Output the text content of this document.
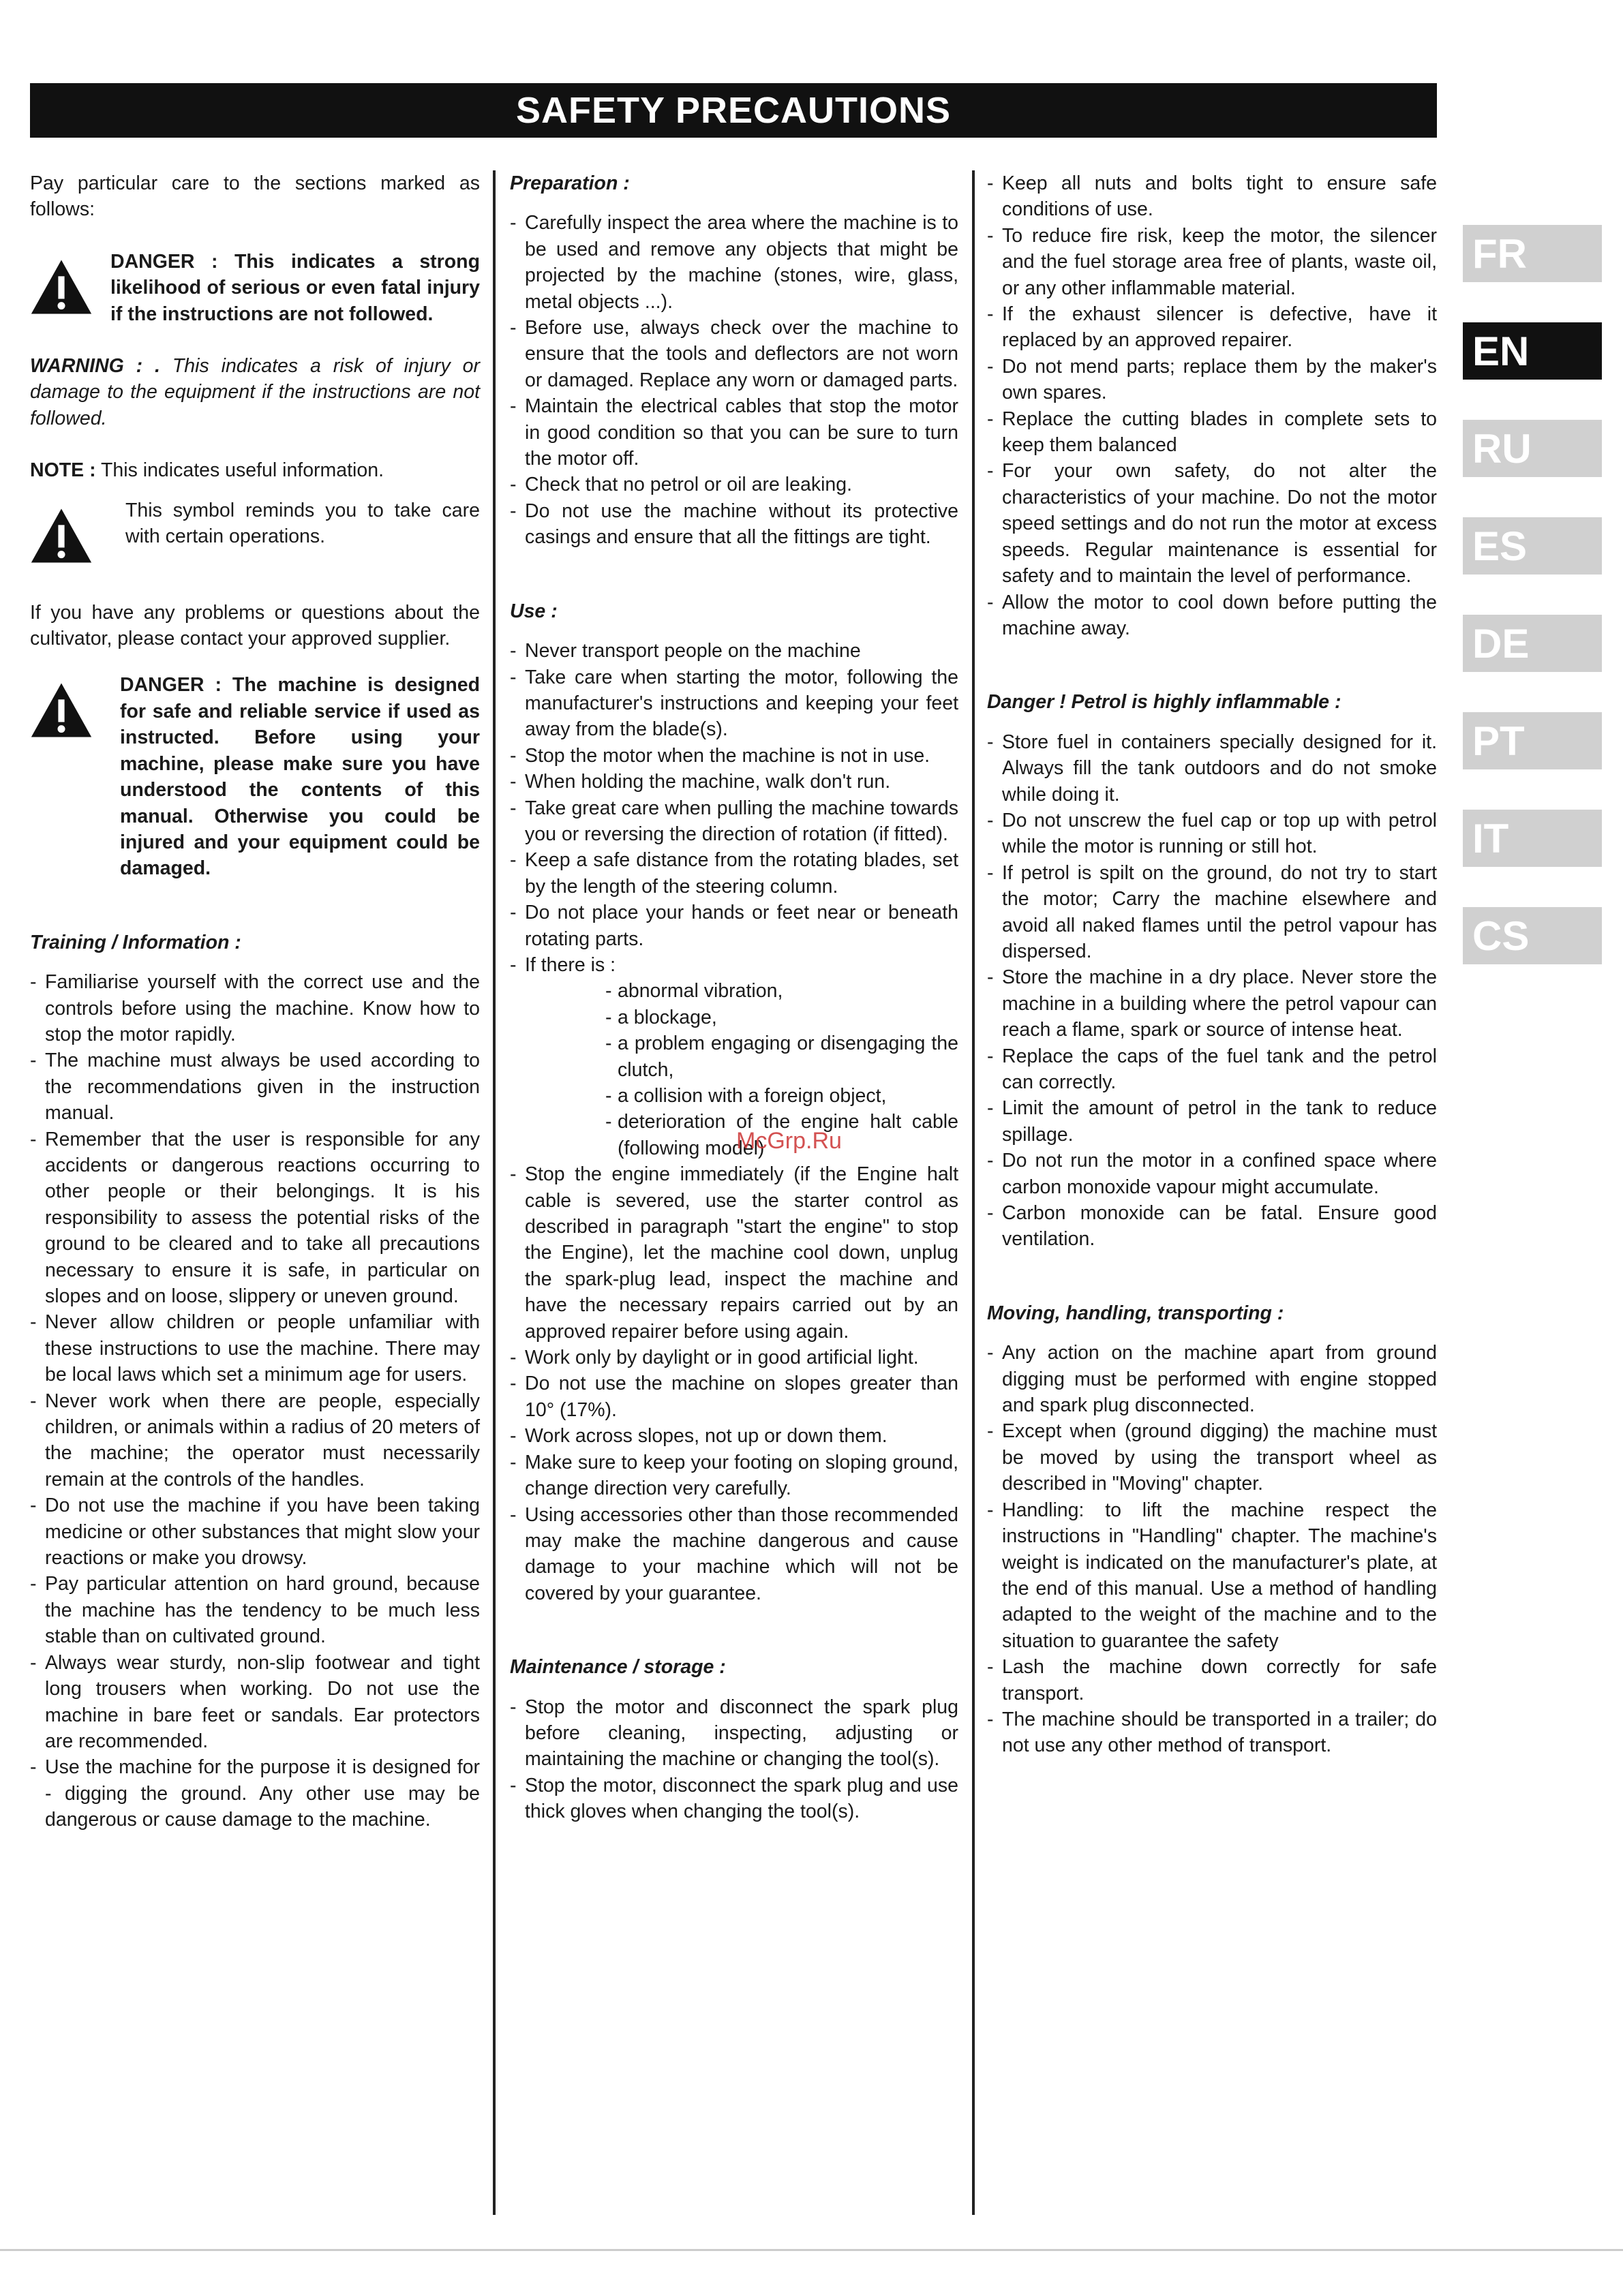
SAFETY PRECAUTIONS

Pay particular care to the sections marked as follows:

DANGER : This indicates a strong likelihood of serious or even fatal injury if the instructions are not followed.

WARNING : . This indicates a risk of injury or damage to the equipment if the instructions are not followed.

NOTE : This indicates useful information.

This symbol reminds you to take care with certain operations.

If you have any problems or questions about the cultivator, please contact your approved supplier.

DANGER : The machine is designed for safe and reliable service if used as instructed. Before using your machine, please make sure you have understood the contents of this manual. Otherwise you could be injured and your equipment could be damaged.

Training / Information :

- Familiarise yourself with the correct use and the controls before using the machine. Know how to stop the motor rapidly.
- The machine must always be used according to the recommendations given in the instruction manual.
- Remember that the user is responsible for any accidents or dangerous reactions occurring to other people or their belongings. It is his responsibility to assess the potential risks of the ground to be cleared and to take all precautions necessary to ensure it is safe, in particular on slopes and on loose, slippery or uneven ground.
- Never allow children or people unfamiliar with these instructions to use the machine. There may be local laws which set a minimum age for users.
- Never work when there are people, especially children, or animals within a radius of 20 meters of the machine; the operator must necessarily remain at the controls of the handles.
- Do not use the machine if you have been taking medicine or other substances that might slow your reactions or make you drowsy.
- Pay particular attention on hard ground, because the machine has the tendency to be much less stable than on cultivated ground.
- Always wear sturdy, non-slip footwear and tight long trousers when working. Do not use the machine in bare feet or sandals. Ear protectors are recommended.
- Use the machine for the purpose it is designed for - digging the ground. Any other use may be dangerous or cause damage to the machine.

Preparation :

- Carefully inspect the area where the machine is to be used and remove any objects that might be projected by the machine (stones, wire, glass, metal objects ...).
- Before use, always check over the machine to ensure that the tools and deflectors are not worn or damaged. Replace any worn or damaged parts.
- Maintain the electrical cables that stop the motor in good condition so that you can be sure to turn the motor off.
- Check that no petrol or oil are leaking.
- Do not use the machine without its protective casings and ensure that all the fittings are tight.

Use :

- Never transport people on the machine
- Take care when starting the motor, following the manufacturer's instructions and keeping your feet away from the blade(s).
- Stop the motor when the machine is not in use.
- When holding the machine, walk don't run.
- Take great care when pulling the machine towards you or reversing the direction of rotation (if fitted).
- Keep a safe distance from the rotating blades, set by the length of the steering column.
- Do not place your hands or feet near or beneath rotating parts.
- If there is :
- abnormal vibration,
- a blockage,
- a problem engaging or disengaging the clutch,
- a collision with a foreign object,
- deterioration of the engine halt cable (following model)
- Stop the engine immediately (if the Engine halt cable is severed, use the starter control as described in paragraph "start the engine" to stop the Engine), let the machine cool down, unplug the spark-plug lead, inspect the machine and have the necessary repairs carried out by an approved repairer before using again.
- Work only by daylight or in good artificial light.
- Do not use the machine on slopes greater than 10° (17%).
- Work across slopes, not up or down them.
- Make sure to keep your footing on sloping ground, change direction very carefully.
- Using accessories other than those recommended may make the machine dangerous and cause damage to your machine which will not be covered by your guarantee.

Maintenance / storage :

- Stop the motor and disconnect the spark plug before cleaning, inspecting, adjusting or maintaining the machine or changing the tool(s).
- Stop the motor, disconnect the spark plug and use thick gloves when changing the tool(s).
- Keep all nuts and bolts tight to ensure safe conditions of use.
- To reduce fire risk, keep the motor, the silencer and the fuel storage area free of plants, waste oil, or any other inflammable material.
- If the exhaust silencer is defective, have it replaced by an approved repairer.
- Do not mend parts; replace them by the maker's own spares.
- Replace the cutting blades in complete sets to keep them balanced
- For your own safety, do not alter the characteristics of your machine. Do not the motor speed settings and do not run the motor at excess speeds. Regular maintenance is essential for safety and to maintain the level of performance.
- Allow the motor to cool down before putting the machine away.

Danger ! Petrol is highly inflammable :

- Store fuel in containers specially designed for it. Always fill the tank outdoors and do not smoke while doing it.
- Do not unscrew the fuel cap or top up with petrol while the motor is running or still hot.
- If petrol is spilt on the ground, do not try to start the motor; Carry the machine elsewhere and avoid all naked flames until the petrol vapour has dispersed.
- Store the machine in a dry place. Never store the machine in a building where the petrol vapour can reach a flame, spark or source of intense heat.
- Replace the caps of the fuel tank and the petrol can correctly.
- Limit the amount of petrol in the tank to reduce spillage.
- Do not run the motor in a confined space where carbon monoxide vapour might accumulate.
- Carbon monoxide can be fatal. Ensure good ventilation.

Moving, handling, transporting :

- Any action on the machine apart from ground digging must be performed with engine stopped and spark plug disconnected.
- Except when (ground digging) the machine must be moved by using the transport wheel as described in "Moving" chapter.
- Handling: to lift the machine respect the instructions in "Handling" chapter. The machine's weight is indicated on the manufacturer's plate, at the end of this manual. Use a method of handling adapted to the weight of the machine and to the situation to guarantee the safety
- Lash the machine down correctly for safe transport.
- The machine should be transported in a trailer; do not use any other method of transport.
FR
EN
RU
ES
DE
PT
IT
CS
McGrp.Ru
